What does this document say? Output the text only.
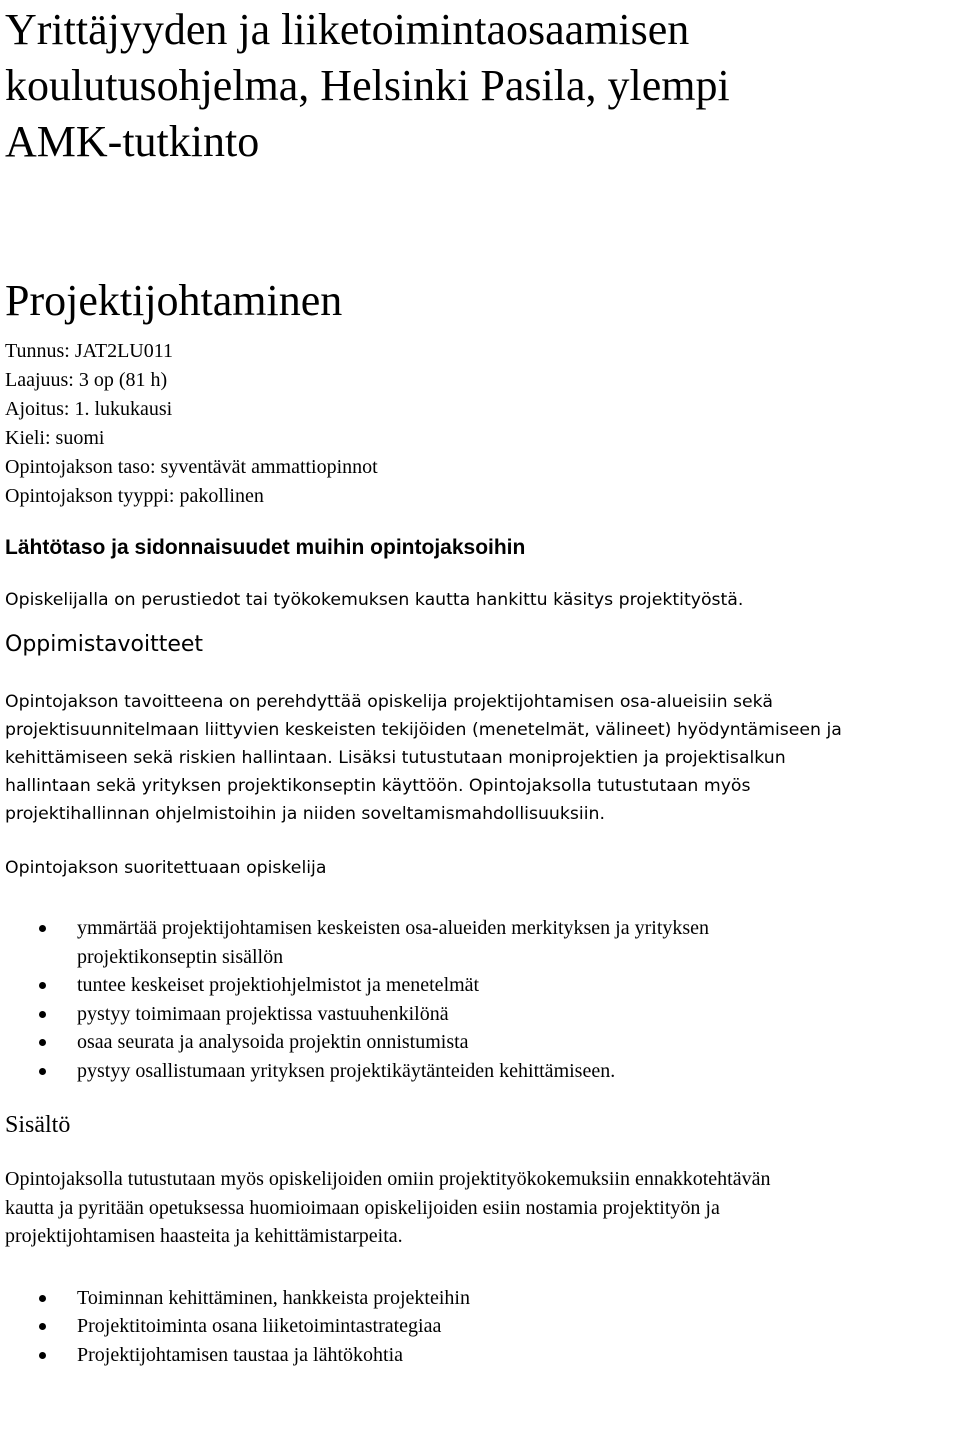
Yrittäjyyden ja liiketoimintaosaamisen
koulutusohjelma, Helsinki Pasila, ylempi
AMK-tutkinto
Projektijohtaminen
Tunnus: JAT2LU011
Laajuus: 3 op (81 h)
Ajoitus: 1. lukukausi
Kieli: suomi
Opintojakson taso: syventävät ammattiopinnot
Opintojakson tyyppi: pakollinen
Lähtötaso ja sidonnaisuudet muihin opintojaksoihin

Opiskelijalla on perustiedot tai työkokemuksen kautta hankittu käsitys projektityöstä.

Oppimistavoitteet
Opintojakson tavoitteena on perehdyttää opiskelija projektijohtamisen osa-alueisiin sekä
projektisuunnitelmaan liittyvien keskeisten tekijöiden (menetelmät, välineet) hyödyntämiseen ja
kehittämiseen sekä riskien hallintaan. Lisäksi tutustutaan moniprojektien ja projektisalkun
hallintaan sekä yrityksen projektikonseptin käyttöön. Opintojaksolla tutustutaan myös
projektihallinnan ohjelmistoihin ja niiden soveltamismahdollisuuksiin.

Opintojakson suoritettuaan opiskelija

ymmärtää projektijohtamisen keskeisten osa-alueiden merkityksen ja yrityksen
projektikonseptin sisällön
tuntee keskeiset projektiohjelmistot ja menetelmät
pystyy toimimaan projektissa vastuuhenkilönä
osaa seurata ja analysoida projektin onnistumista
pystyy osallistumaan yrityksen projektikäytänteiden kehittämiseen.
Sisältö
Opintojaksolla tutustutaan myös opiskelijoiden omiin projektityökokemuksiin ennakkotehtävän
kautta ja pyritään opetuksessa huomioimaan opiskelijoiden esiin nostamia projektityön ja
projektijohtamisen haasteita ja kehittämistarpeita.
Toiminnan kehittäminen, hankkeista projekteihin
Projektitoiminta osana liiketoimintastrategiaa
Projektijohtamisen taustaa ja lähtökohtia
